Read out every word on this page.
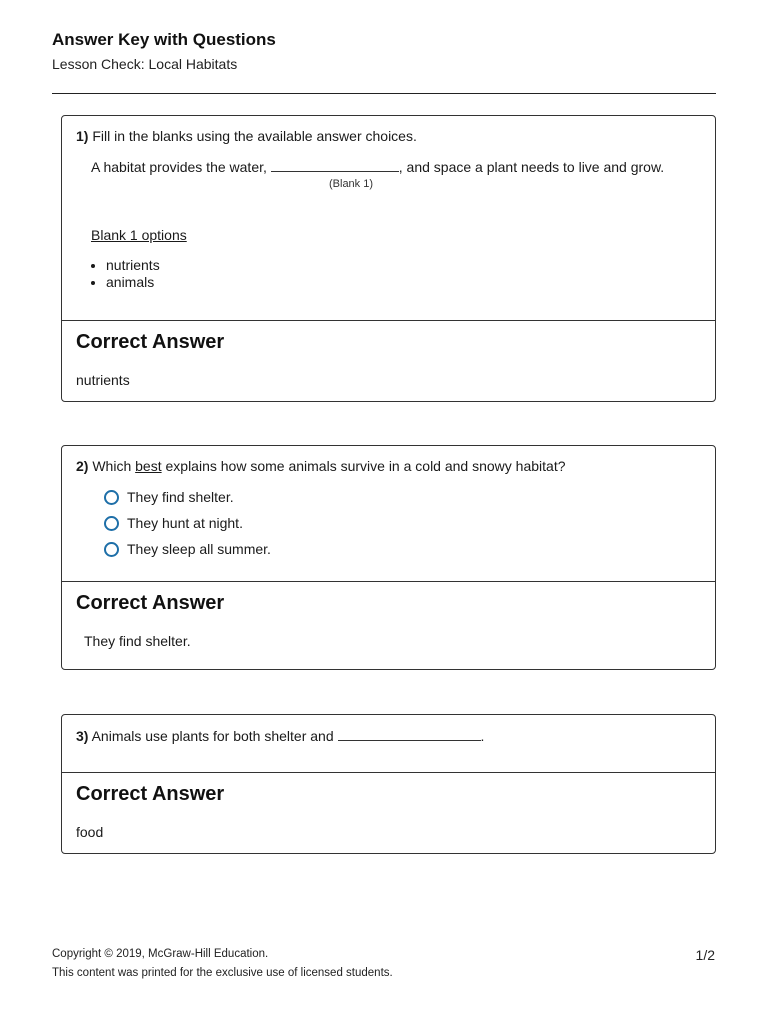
Answer Key with Questions
Lesson Check: Local Habitats
1) Fill in the blanks using the available answer choices.
A habitat provides the water,	, and space a plant needs to live and grow.
(Blank 1)
Blank 1 options
• nutrients
• animals
Correct Answer
nutrients
2) Which best explains how some animals survive in a cold and snowy habitat?
They find shelter.
They hunt at night.
They sleep all summer.
Correct Answer
They find shelter.
3) Animals use plants for both shelter and	.
Correct Answer
food
Copyright © 2019, McGraw-Hill Education.
This content was printed for the exclusive use of licensed students.
1/2
